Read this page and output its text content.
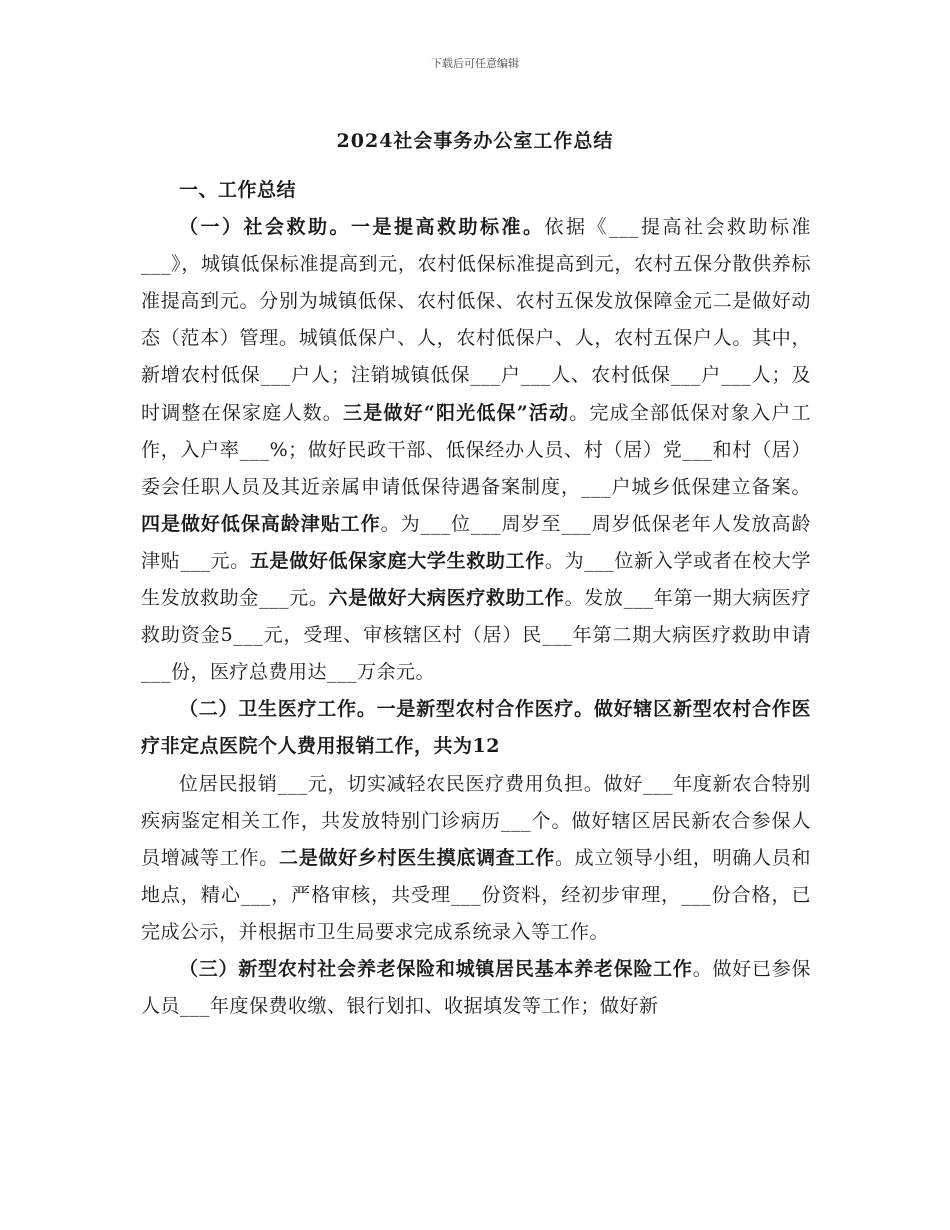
下载后可任意编辑
2024社会事务办公室工作总结

一、工作总结

（一）社会救助。一是提高救助标准。依据《___提高社会救助标准___》，城镇低保标准提高到元，农村低保标准提高到元，农村五保分散供养标准提高到元。分别为城镇低保、农村低保、农村五保发放保障金元二是做好动态（范本）管理。城镇低保户、人，农村低保户、人，农村五保户人。其中，新增农村低保___户人；注销城镇低保___户___人、农村低保___户___人；及时调整在保家庭人数。三是做好“阳光低保”活动。完成全部低保对象入户工作，入户率___%；做好民政干部、低保经办人员、村（居）党___和村（居）委会任职人员及其近亲属申请低保待遇备案制度，___户城乡低保建立备案。四是做好低保高龄津贴工作。为___位___周岁至___周岁低保老年人发放高龄津贴___元。五是做好低保家庭大学生救助工作。为___位新入学或者在校大学生发放救助金___元。六是做好大病医疗救助工作。发放___年第一期大病医疗救助资金5___元，受理、审核辖区村（居）民___年第二期大病医疗救助申请___份，医疗总费用达___万余元。

（二）卫生医疗工作。一是新型农村合作医疗。做好辖区新型农村合作医疗非定点医院个人费用报销工作，共为12

位居民报销___元，切实减轻农民医疗费用负担。做好___年度新农合特别疾病鉴定相关工作，共发放特别门诊病历___个。做好辖区居民新农合参保人员增减等工作。二是做好乡村医生摸底调查工作。成立领导小组，明确人员和地点，精心___，严格审核，共受理___份资料，经初步审理，___份合格，已完成公示，并根据市卫生局要求完成系统录入等工作。

（三）新型农村社会养老保险和城镇居民基本养老保险工作。做好已参保人员___年度保费收缴、银行划扣、收据填发等工作；做好新
